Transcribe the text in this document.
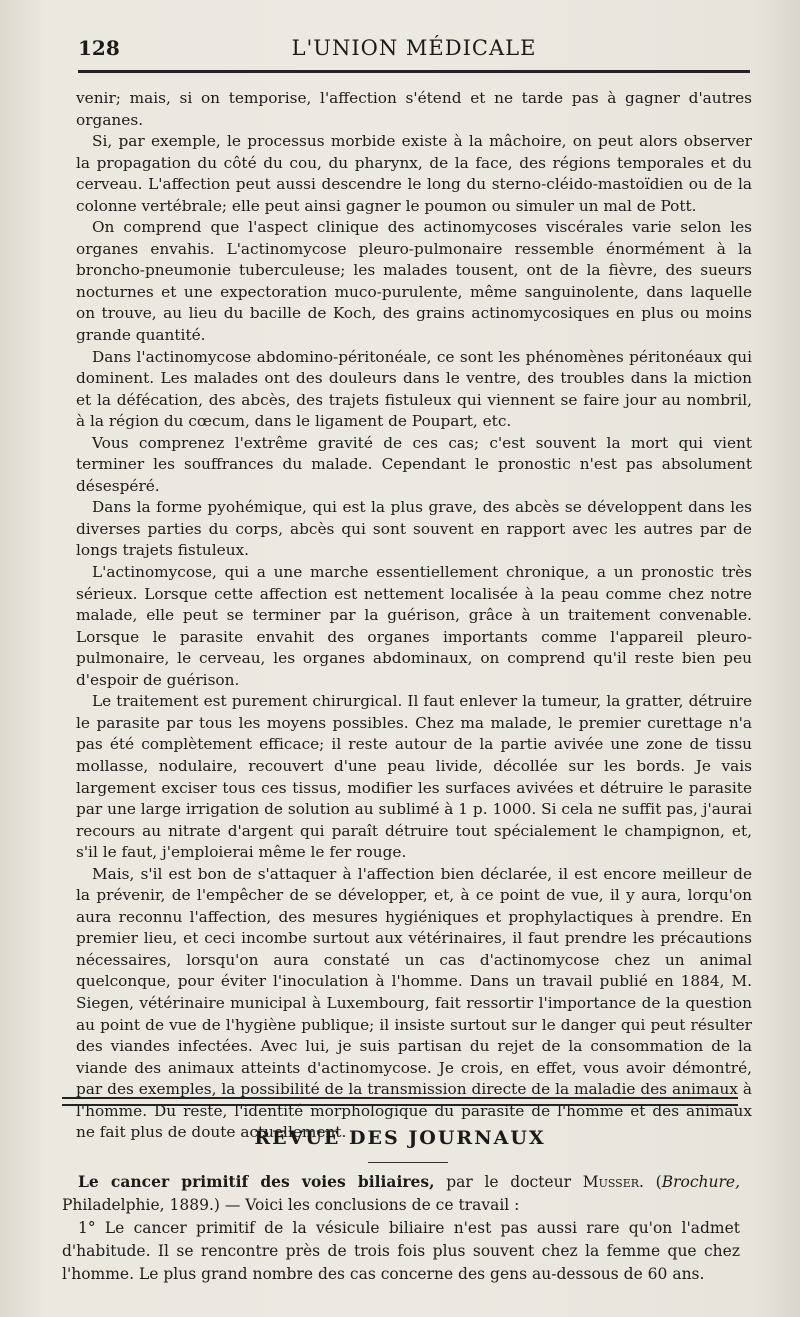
128	L'UNION MÉDICALE

venir; mais, si on temporise, l'affection s'étend et ne tarde pas à gagner d'autres organes.

Si, par exemple, le processus morbide existe à la mâchoire, on peut alors observer la propagation du côté du cou, du pharynx, de la face, des régions temporales et du cerveau. L'affection peut aussi descendre le long du sterno-cléido-mastoïdien ou de la colonne vertébrale; elle peut ainsi gagner le poumon ou simuler un mal de Pott.

On comprend que l'aspect clinique des actinomycoses viscérales varie selon les organes envahis. L'actinomycose pleuro-pulmonaire ressemble énormément à la broncho-pneumonie tuberculeuse; les malades tousent, ont de la fièvre, des sueurs nocturnes et une expectoration muco-purulente, même sanguinolente, dans laquelle on trouve, au lieu du bacille de Koch, des grains actinomycosiques en plus ou moins grande quantité.

Dans l'actinomycose abdomino-péritonéale, ce sont les phénomènes péritonéaux qui dominent. Les malades ont des douleurs dans le ventre, des troubles dans la miction et la défécation, des abcès, des trajets fistuleux qui viennent se faire jour au nombril, à la région du cœcum, dans le ligament de Poupart, etc.

Vous comprenez l'extrême gravité de ces cas; c'est souvent la mort qui vient terminer les souffrances du malade. Cependant le pronostic n'est pas absolument désespéré.

Dans la forme pyohémique, qui est la plus grave, des abcès se développent dans les diverses parties du corps, abcès qui sont souvent en rapport avec les autres par de longs trajets fistuleux.

L'actinomycose, qui a une marche essentiellement chronique, a un pronostic très sérieux. Lorsque cette affection est nettement localisée à la peau comme chez notre malade, elle peut se terminer par la guérison, grâce à un traitement convenable. Lorsque le parasite envahit des organes importants comme l'appareil pleuro-pulmonaire, le cerveau, les organes abdominaux, on comprend qu'il reste bien peu d'espoir de guérison.

Le traitement est purement chirurgical. Il faut enlever la tumeur, la gratter, détruire le parasite par tous les moyens possibles. Chez ma malade, le premier curettage n'a pas été complètement efficace; il reste autour de la partie avivée une zone de tissu mollasse, nodulaire, recouvert d'une peau livide, décollée sur les bords. Je vais largement exciser tous ces tissus, modifier les surfaces avivées et détruire le parasite par une large irrigation de solution au sublimé à 1 p. 1000. Si cela ne suffit pas, j'aurai recours au nitrate d'argent qui paraît détruire tout spécialement le champignon, et, s'il le faut, j'emploierai même le fer rouge.

Mais, s'il est bon de s'attaquer à l'affection bien déclarée, il est encore meilleur de la prévenir, de l'empêcher de se développer, et, à ce point de vue, il y aura, lorqu'on aura reconnu l'affection, des mesures hygiéniques et prophylactiques à prendre. En premier lieu, et ceci incombe surtout aux vétérinaires, il faut prendre les précautions nécessaires, lorsqu'on aura constaté un cas d'actinomycose chez un animal quelconque, pour éviter l'inoculation à l'homme. Dans un travail publié en 1884, M. Siegen, vétérinaire municipal à Luxembourg, fait ressortir l'importance de la question au point de vue de l'hygiène publique; il insiste surtout sur le danger qui peut résulter des viandes infectées. Avec lui, je suis partisan du rejet de la consommation de la viande des animaux atteints d'actinomycose. Je crois, en effet, vous avoir démontré, par des exemples, la possibilité de la transmission directe de la maladie des animaux à l'homme. Du reste, l'identité morphologique du parasite de l'homme et des animaux ne fait plus de doute actuellement.

REVUE DES JOURNAUX

Le cancer primitif des voies biliaires, par le docteur Musser. (Brochure, Philadelphie, 1889.) — Voici les conclusions de ce travail :

1° Le cancer primitif de la vésicule biliaire n'est pas aussi rare qu'on l'admet d'habitude. Il se rencontre près de trois fois plus souvent chez la femme que chez l'homme. Le plus grand nombre des cas concerne des gens au-dessous de 60 ans.
